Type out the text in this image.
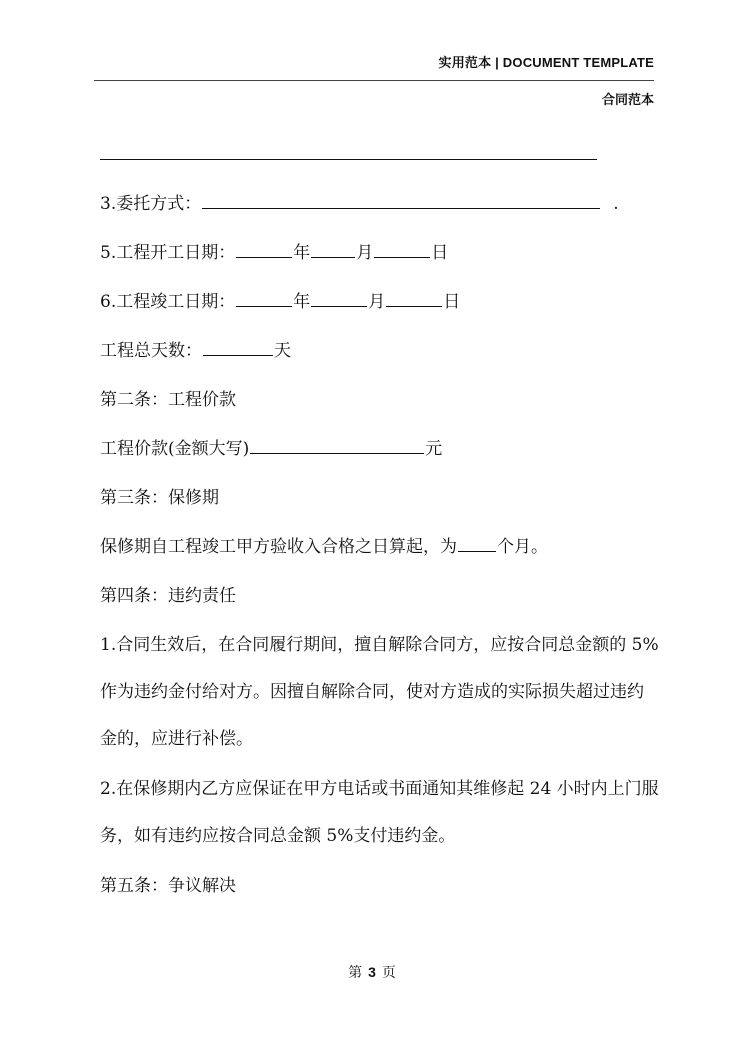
实用范本 | DOCUMENT TEMPLATE
合同范本
3.委托方式：	.
5.工程开工日期：	年	月	日
6.工程竣工日期：	年	月	日
工程总天数：	天
第二条：工程价款
工程价款(金额大写)	元
第三条：保修期
保修期自工程竣工甲方验收入合格之日算起，为 个月。
第四条：违约责任
1.合同生效后，在合同履行期间，擅自解除合同方，应按合同总金额的 5%作为违约金付给对方。因擅自解除合同，使对方造成的实际损失超过违约金的，应进行补偿。
2.在保修期内乙方应保证在甲方电话或书面通知其维修起 24 小时内上门服务，如有违约应按合同总金额 5%支付违约金。
第五条：争议解决
第 3 页
